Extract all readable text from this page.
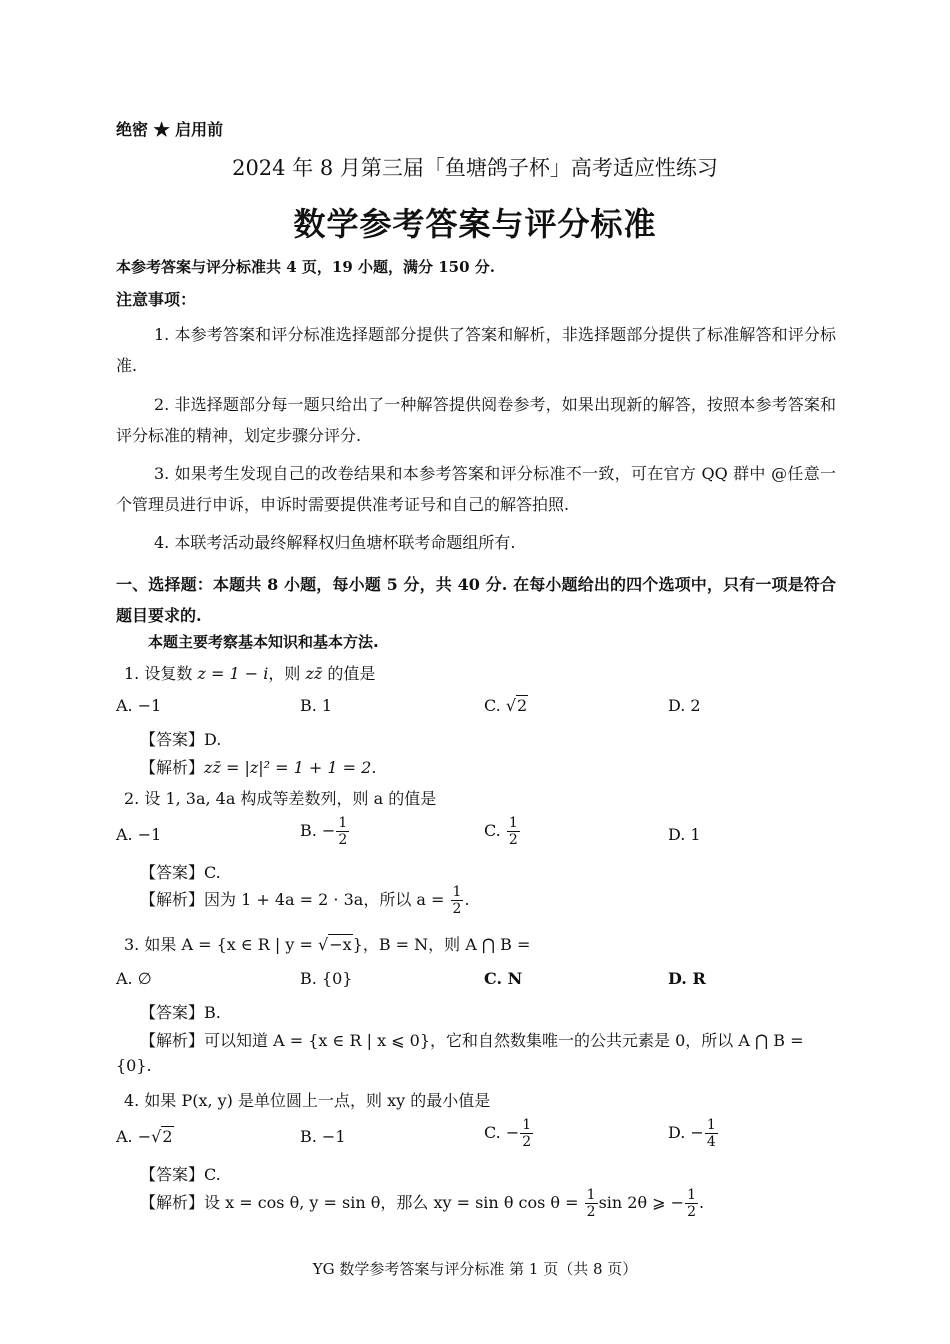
绝密 ★ 启用前
2024 年 8 月第三届「鱼塘鸽子杯」高考适应性练习
数学参考答案与评分标准
本参考答案与评分标准共 4 页，19 小题，满分 150 分.
注意事项：
1. 本参考答案和评分标准选择题部分提供了答案和解析，非选择题部分提供了标准解答和评分标准.
2. 非选择题部分每一题只给出了一种解答提供阅卷参考，如果出现新的解答，按照本参考答案和评分标准的精神，划定步骤分评分.
3. 如果考生发现自己的改卷结果和本参考答案和评分标准不一致，可在官方 QQ 群中 @任意一个管理员进行申诉，申诉时需要提供准考证号和自己的解答拍照.
4. 本联考活动最终解释权归鱼塘杯联考命题组所有.
一、选择题：本题共 8 小题，每小题 5 分，共 40 分. 在每小题给出的四个选项中，只有一项是符合题目要求的.
本题主要考察基本知识和基本方法.
1. 设复数 z = 1 − i，则 zz̄ 的值是
A. −1	B. 1	C. √2	D. 2
【答案】D.
【解析】zz̄ = |z|² = 1 + 1 = 2.
2. 设 1, 3a, 4a 构成等差数列，则 a 的值是
A. −1	B. − $\frac{1}{2}$	C. $\frac{1}{2}$	D. 1
【答案】C.
【解析】因为 1 + 4a = 2 · 3a，所以 $a = \frac{1}{2}$ .
3. 如果 A = {x ∈ R | y = √−x}，B = N，则 A ⋂ B =
A. ∅	B. {0}	C. N	D. R
【答案】B.
【解析】可以知道 A = {x ∈ R | x ⩽ 0}，它和自然数集唯一的公共元素是 0，所以 A ⋂ B =
{0}.
4. 如果 P(x, y) 是单位圆上一点，则 xy 的最小值是
A. −√2	B. −1	C. − $\frac{1}{2}$	D. − $\frac{1}{4}$
【答案】C.
【解析】设 x = cos θ, y = sin θ，那么 xy = sin θ $\cos \theta = \frac{1}{2}$ sin 2θ ⩾ − $\frac{1}{2}$ .
YG 数学参考答案与评分标准 第 1 页（共 8 页）
